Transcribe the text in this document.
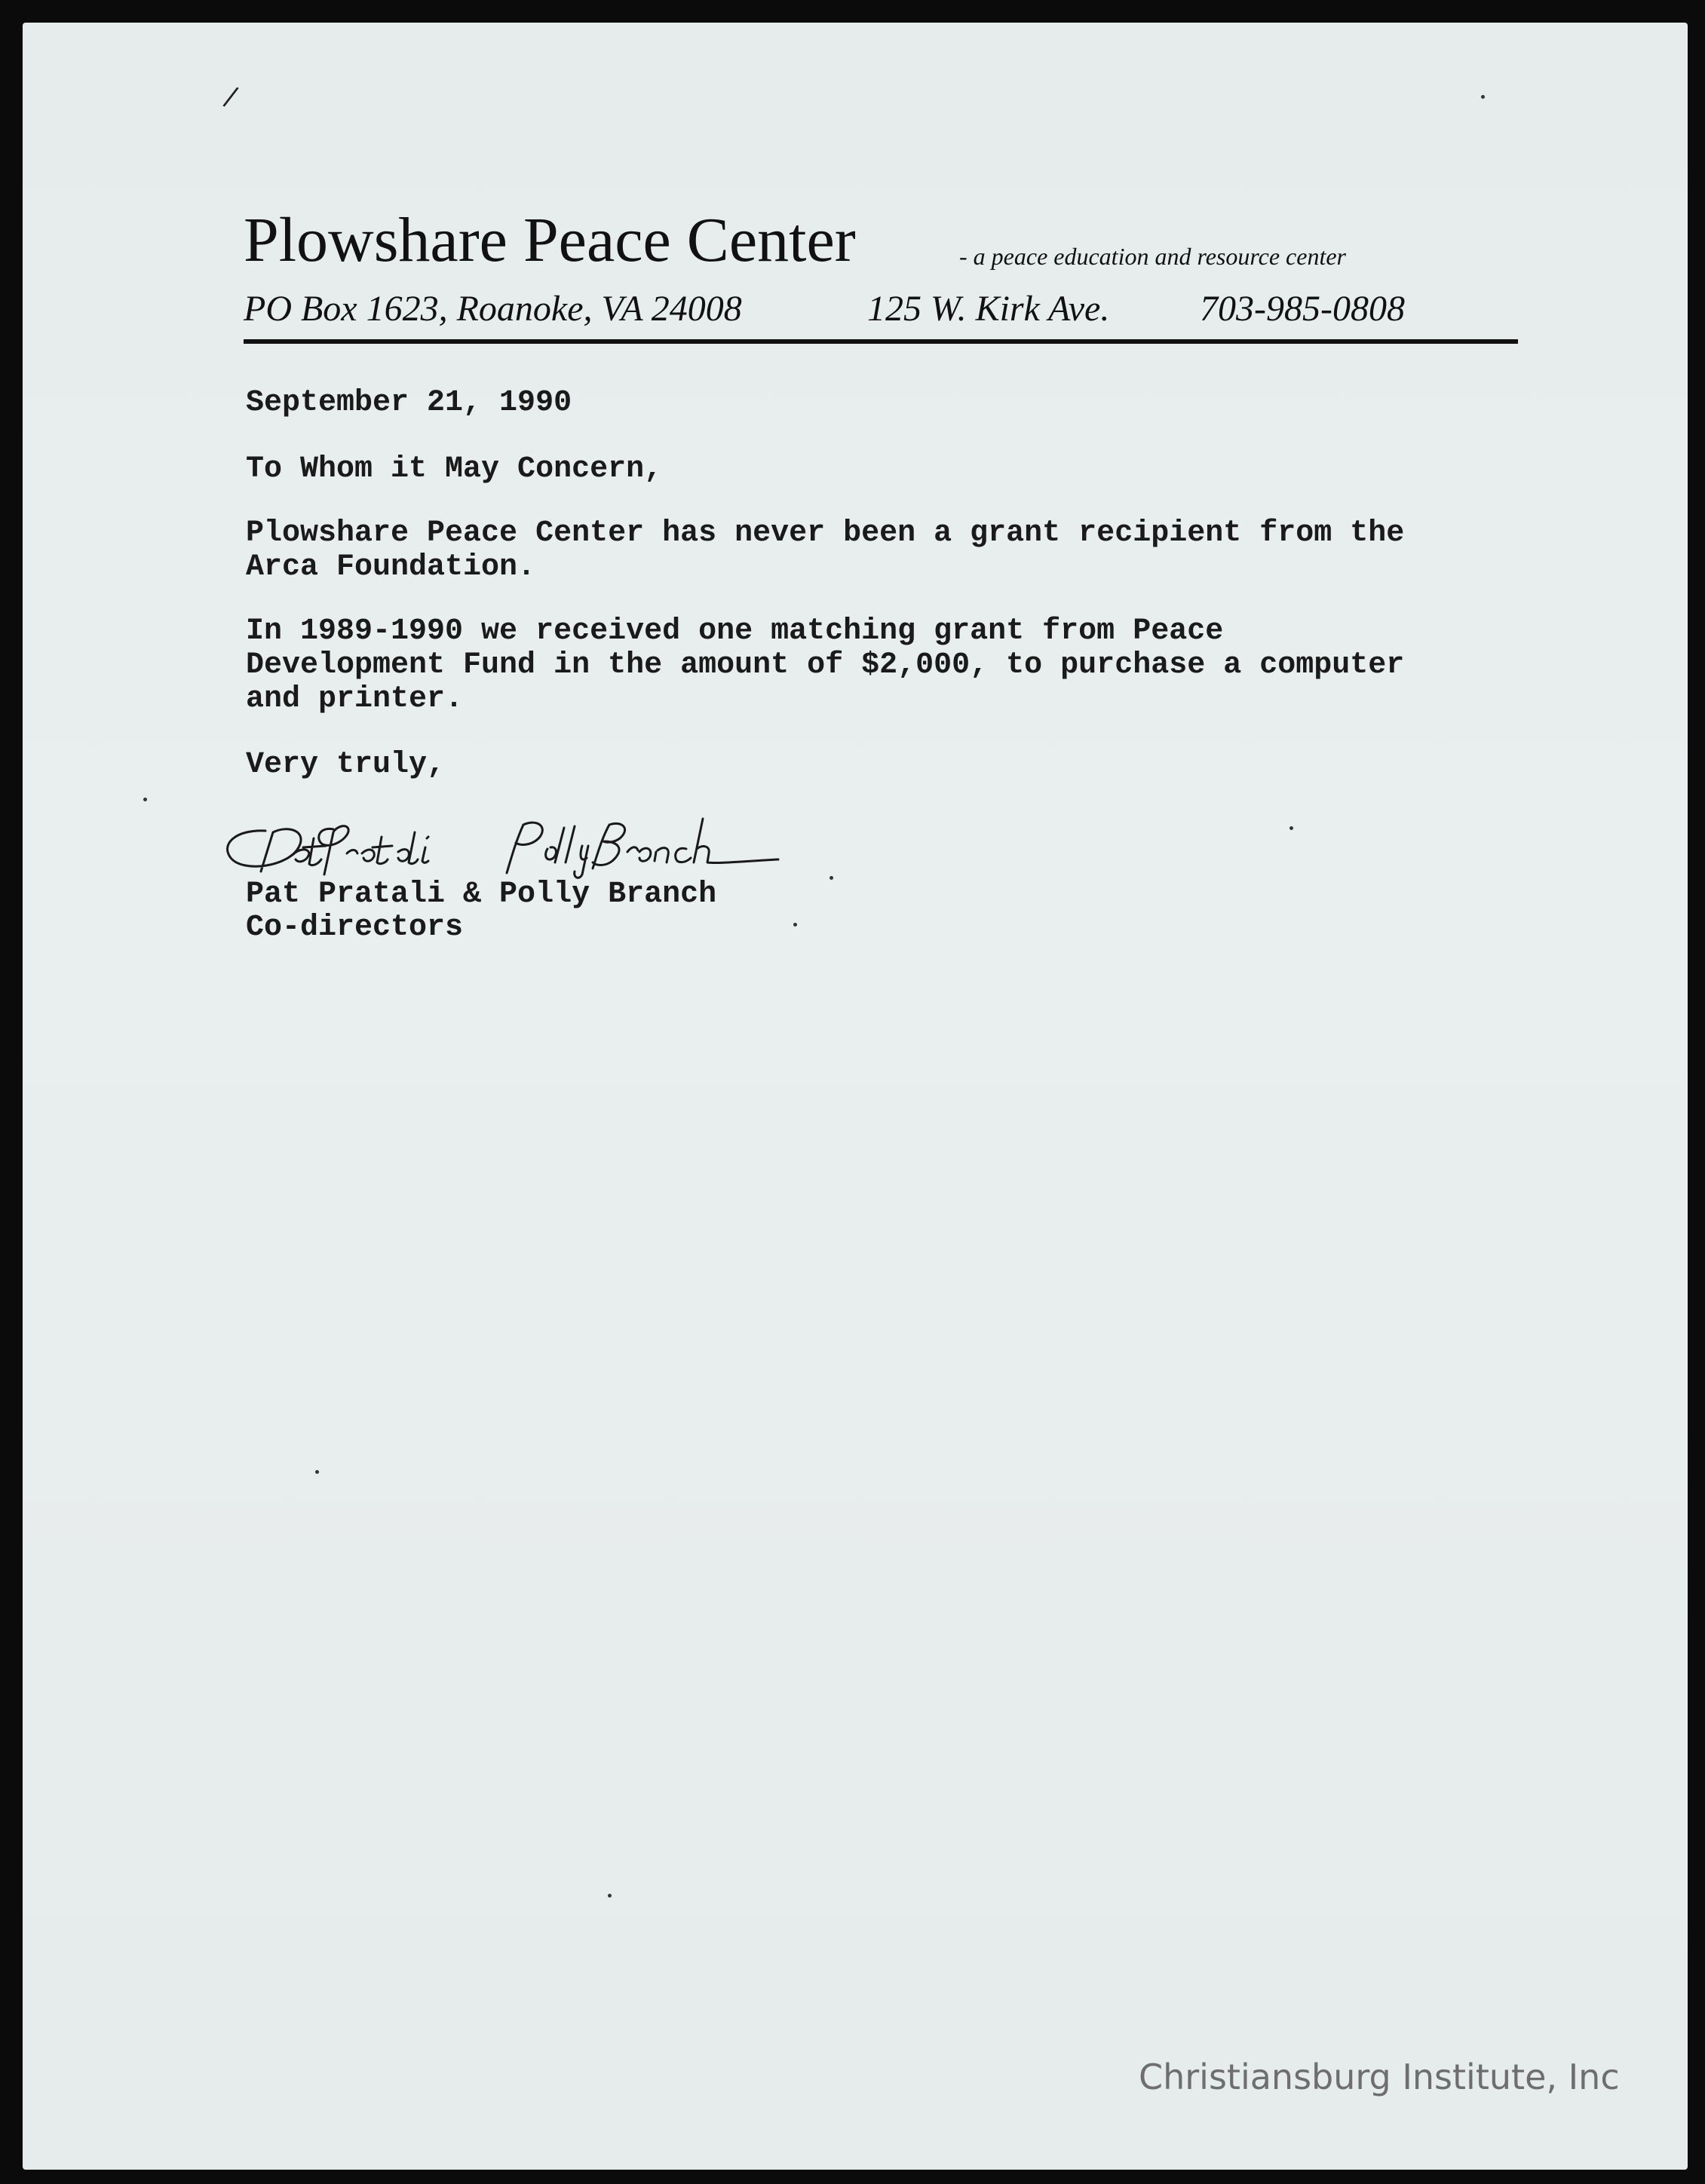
/
Plowshare Peace Center	- a peace education and resource center
PO Box 1623, Roanoke, VA 24008	125 W. Kirk Ave. 703-985-0808
September 21, 1990
To Whom it May Concern,
Plowshare Peace Center has never been a grant recipient from the
Arca Foundation.
In 1989-1990 we received one matching grant from Peace
Development Fund in the amount of $2,000, to purchase a computer
and printer.
Very truly,
Pat Pratali & Polly Branch
Co-directors
Christiansburg Institute, Inc
